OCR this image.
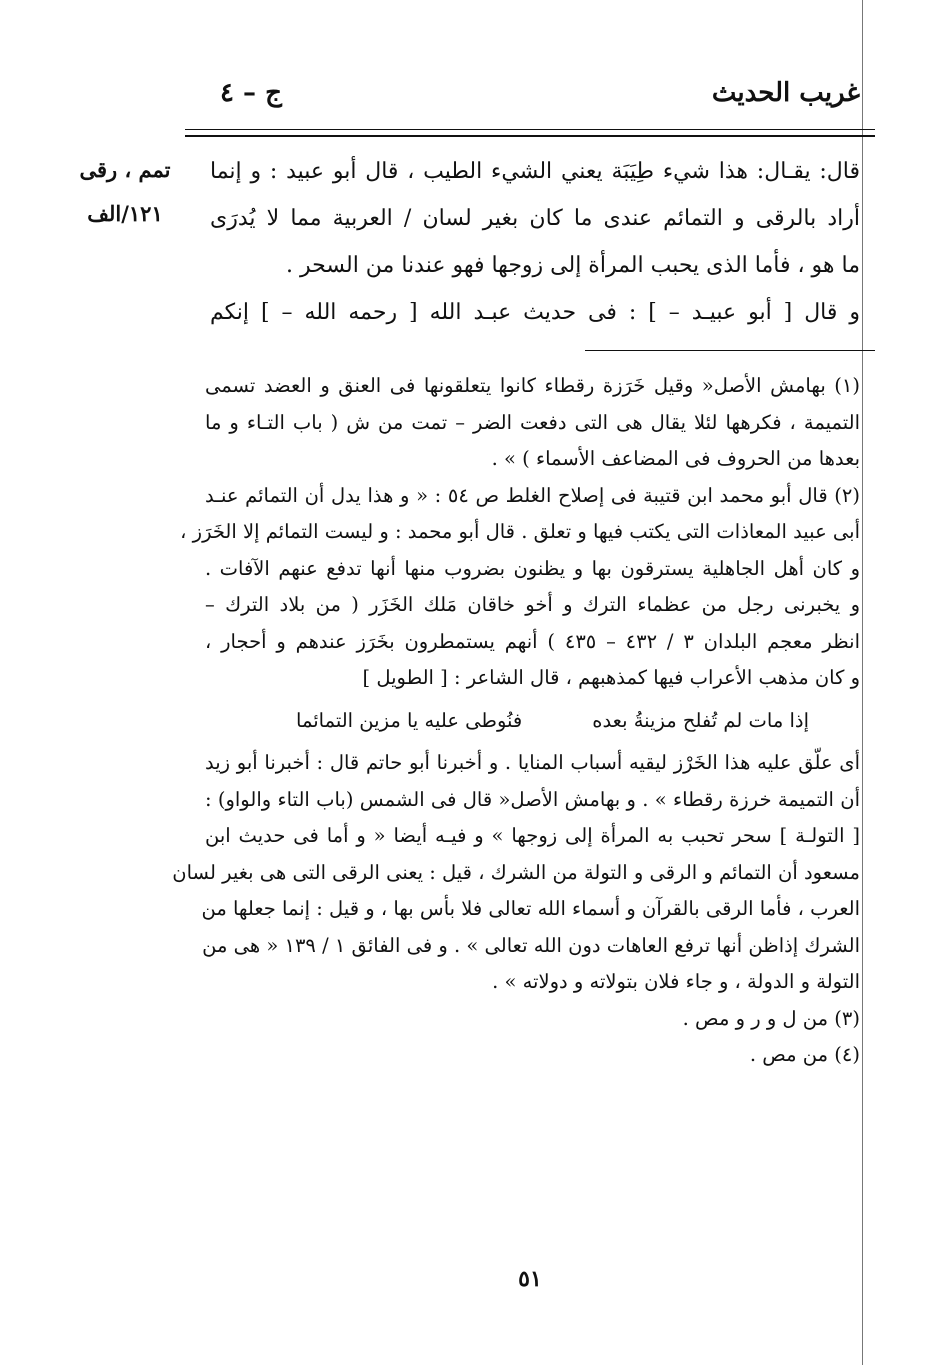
غريب الحديث
ج – ٤
تمم ، رقى
١٢١/الف
قال: يقـال: هذا شيء طِيَبَة يعني الشيء الطيب ، قال أبو عبيد : و إنما
أراد بالرقى و التمائم عندى ما كان بغير لسان / العربية مما لا يُدرَى
ما هو ، فأما الذى يحبب المرأة إلى زوجها فهو عندنا من السحر .
و قال [ أبو عبيـد – ] : فى حديث عبـد الله [ رحمه الله – ] إنكم
(١) بهامش الأصل« وقيل خَرَزة رقطاء كانوا يتعلقونها فى العنق و العضد تسمى
التميمة ، فكرهها لئلا يقال هى التى دفعت الضر – تمت من ش ( باب التـاء و ما
بعدها من الحروف فى المضاعف الأسماء ) » .
(٢) قال أبو محمد ابن قتيبة فى إصلاح الغلط ص ٥٤ : « و هذا يدل أن التمائم عنـد
أبى عبيد المعاذات التى يكتب فيها و تعلق . قال أبو محمد : و ليست التمائم إلا الخَرَز ،
و كان أهل الجاهلية يسترقون بها و يظنون بضروب منها أنها تدفع عنهم الآفات .
و يخبرنى رجل من عظماء الترك و أخو خاقان مَلك الخَزَر ( من بلاد الترك –
انظر معجم البلدان ٣ / ٤٣٢ – ٤٣٥ ) أنهم يستمطرون بخَرَز عندهم و أحجار ،
و كان مذهب الأعراب فيها كمذهبهم ، قال الشاعر : [ الطويل ]
إذا مات لم تُفلح مزينةُ بعده
فنُوطى عليه يا مزين التمائما
أى علّق عليه هذا الخَرْز ليقيه أسباب المنايا . و أخبرنا أبو حاتم قال : أخبرنا أبو زيد
أن التميمة خرزة رقطاء » . و بهامش الأصل« قال فى الشمس (باب التاء والواو) :
[ التولـة ] سحر تحبب به المرأة إلى زوجها » و فيـه أيضا « و أما فى حديث ابن
مسعود أن التمائم و الرقى و التولة من الشرك ، قيل : يعنى الرقى التى هى بغير لسان
العرب ، فأما الرقى بالقرآن و أسماء الله تعالى فلا بأس بها ، و قيل : إنما جعلها من
الشرك إذاظن أنها ترفع العاهات دون الله تعالى » . و فى الفائق ١ / ١٣٩ « هى من
التولة و الدولة ، و جاء فلان بتولاته و دولاته » .
(٣) من ل و ر و مص .
(٤) من مص .
٥١
